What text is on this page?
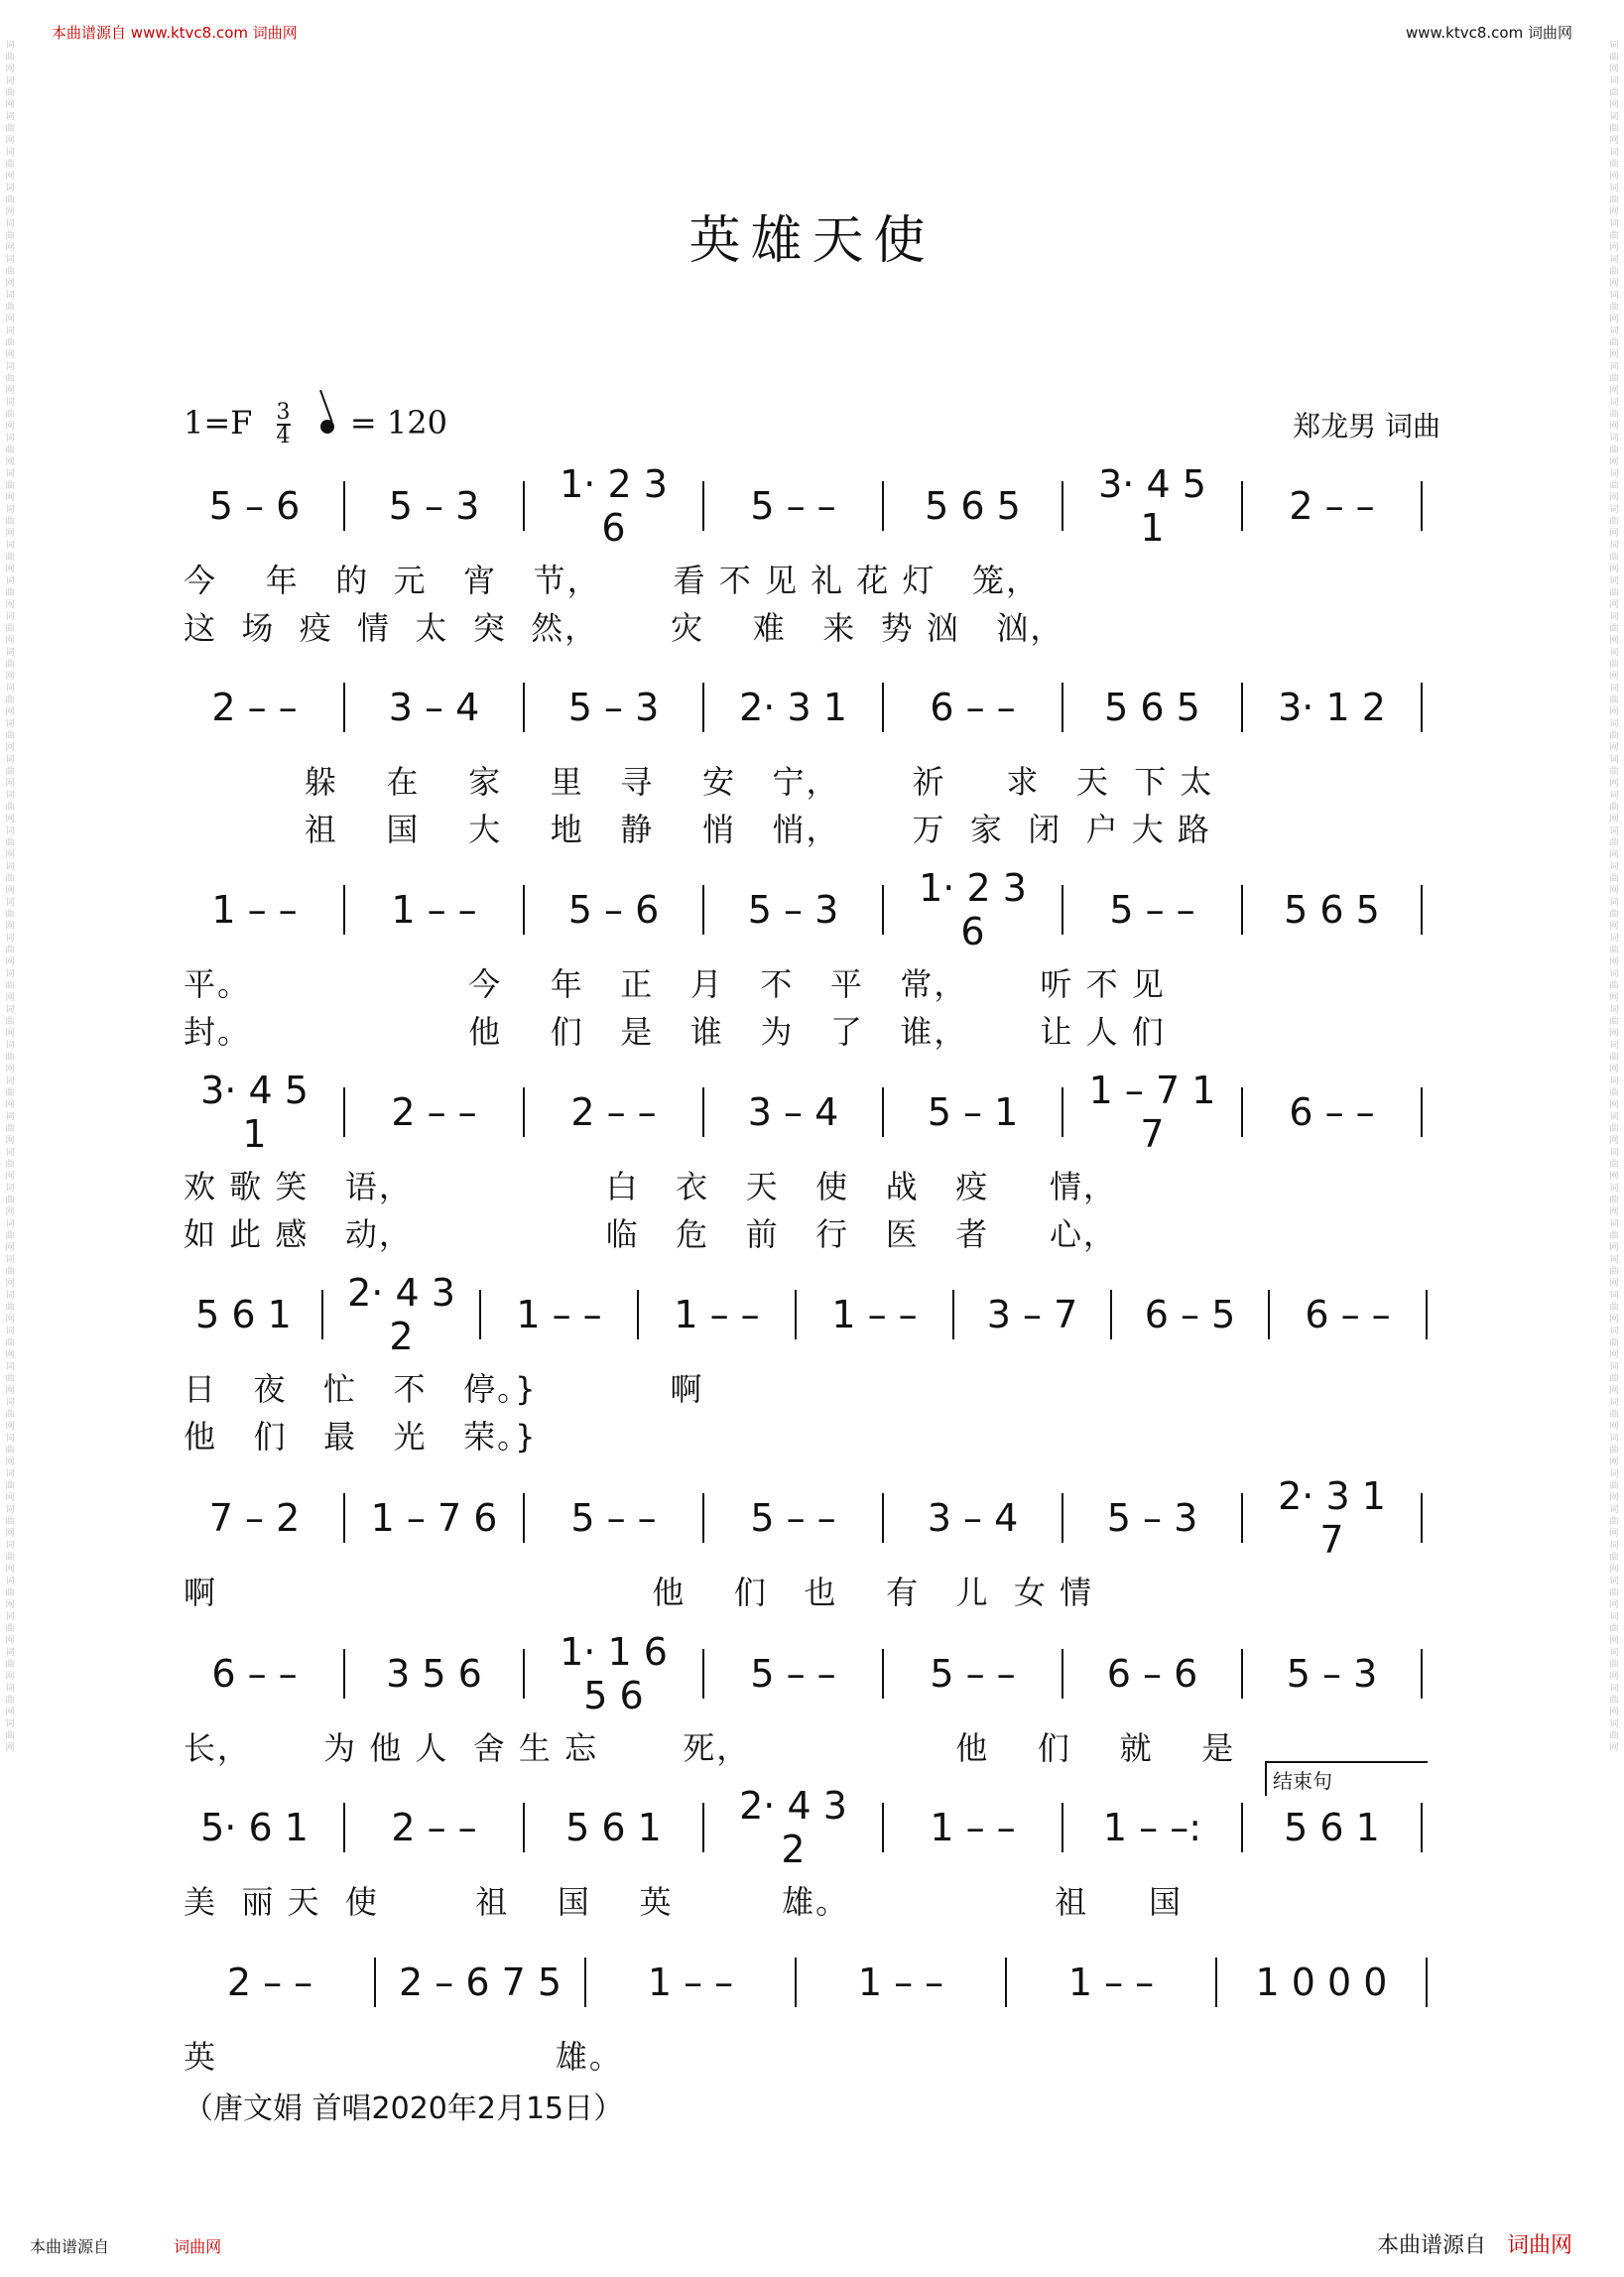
本曲谱源自 www.ktvc8.com 词曲网	www.ktvc8.com 词曲网
英雄天使
$1=F \frac{3}{4} = 120$	郑龙男 词曲
5 – 6	5 – 3	1· 2 3 6	5 – –	5 6 5	3· 4 5 1	2 – –
今    年   的  元   宵   节，      看 不 见 礼 花 灯   笼，
这  场  疫  情  太  突  然，      灾    难   来  势 汹   汹，
2 – –	3 – 4	5 – 3	2· 3 1	6 – –	5 6 5	3· 1 2
躲    在    家    里   寻    安   宁，      祈     求   天  下 太
祖    国    大    地   静    悄   悄，      万  家  闭  户 大 路
1 – –	1 – –	5 – 6	5 – 3	1· 2 3 6	5 – –	5 6 5
平。                  今    年   正   月   不   平   常，      听 不 见
封。                  他    们   是   谁   为   了   谁，      让 人 们
3· 4 5 1	2 – –	2 – –	3 – 4	5 – 1	1 – 7 1 7	6 – –
欢 歌 笑   语，                白   衣   天   使   战   疫     情，
如 此 感   动，                临   危   前   行   医   者     心，
5 6 1	2· 4 3 2	1 – –	1 – –	1 – –	3 – 7	6 – 5	6 – –
日   夜   忙   不   停。}           啊
他   们   最   光   荣。}
7 – 2	1 – 7 6	5 – –	5 – –	3 – 4	5 – 3	2· 3 1 7
啊                                    他    们   也    有   儿  女 情
6 – –	3 5 6	1· 1 6 5 6	5 – –	5 – –	6 – 6	5 – 3
长，      为 他 人  舍 生 忘       死，                 他    们    就    是
5· 6 1	2 – –	5 6 1	2· 4 3 2	1 – –	1 – –:	5 6 1
美  丽 天  使        祖    国    英         雄。                 祖     国
2 – –	2 – 6 7 5	1 – –	1 – –	1 – –	1 0 0 0
英                            雄。
（唐文娟 首唱2020年2月15日）
本曲谱源自	词曲网	本曲谱源自 词曲网
词曲网 词曲网 词曲网 词曲网 词曲网 词曲网 词曲网 词曲网 词曲网 词曲网 词曲网 词曲网 词曲网 词曲网 词曲网 词曲网 词曲网 词曲网 词曲网 词曲网 词曲网 词曲网 词曲网 词曲网 词曲网 词曲网 词曲网 词曲网 词曲网 词曲网 词曲网 词曲网 词曲网 词曲网 词曲网 词曲网 词曲网 词曲网 词曲网 词曲网 词曲网 词曲网 词曲网 词曲网 词曲网 词曲网 词曲网 词曲网
词曲网 词曲网 词曲网 词曲网 词曲网 词曲网 词曲网 词曲网 词曲网 词曲网 词曲网 词曲网 词曲网 词曲网 词曲网 词曲网 词曲网 词曲网 词曲网 词曲网 词曲网 词曲网 词曲网 词曲网 词曲网 词曲网 词曲网 词曲网 词曲网 词曲网 词曲网 词曲网 词曲网 词曲网 词曲网 词曲网 词曲网 词曲网 词曲网 词曲网 词曲网 词曲网 词曲网 词曲网 词曲网 词曲网 词曲网 词曲网
结束句
